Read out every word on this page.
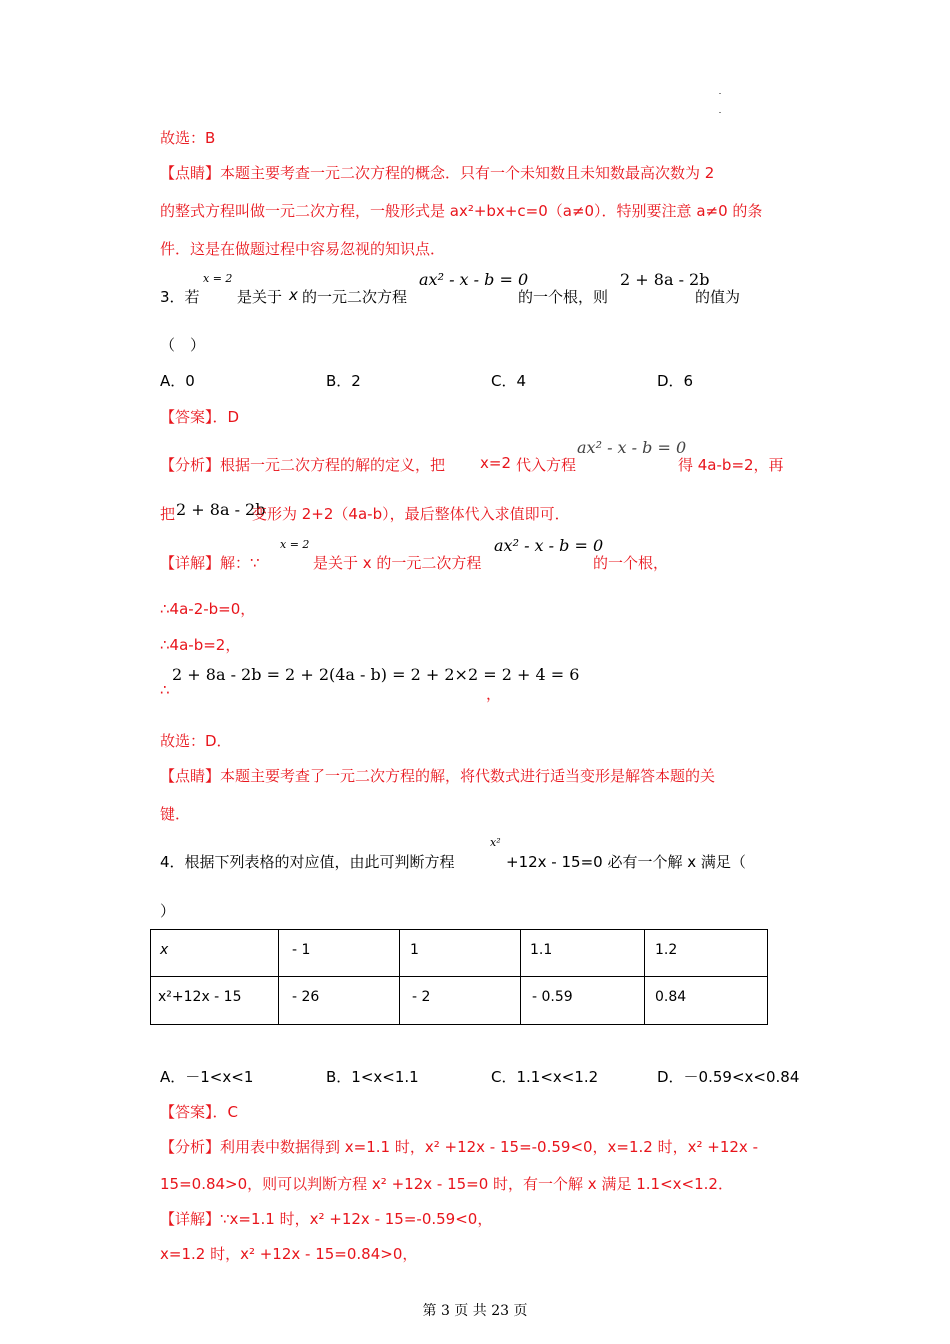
故选：B
【点睛】本题主要考查一元二次方程的概念．只有一个未知数且未知数最高次数为 2
的整式方程叫做一元二次方程，一般形式是 ax²+bx+c=0（a≠0）．特别要注意 a≠0 的条
件．这是在做题过程中容易忽视的知识点．
3．若
x = 2
是关于 x 的一元二次方程
ax² - x - b = 0
的一个根，则
2 + 8a - 2b
的值为
（　）
A．0	B．2	C．4	D．6
【答案】．D
【分析】根据一元二次方程的解的定义，把 x=2 代入方程
ax² - x - b = 0
得 4a-b=2，再
把 2 + 8a - 2b
变形为 2+2（4a-b），最后整体代入求值即可．
【详解】解：∵
x = 2
是关于 x 的一元二次方程
ax² - x - b = 0
的一个根，
∴4a-2-b=0，
∴4a-b=2，
2 + 8a - 2b = 2 + 2(4a - b) = 2 + 2×2 = 2 + 4 = 6
∴	，
故选：D．
【点睛】本题主要考查了一元二次方程的解，将代数式进行适当变形是解答本题的关
键．
4．根据下列表格的对应值，由此可判断方程
x²
+12x - 15=0 必有一个解 x 满足（
）
x	- 1	1	1.1	1.2
x²+12x - 15	- 26	- 2	- 0.59	0.84
A．－1<x<1	B．1<x<1.1	C．1.1<x<1.2	D．－0.59<x<0.84
【答案】．C
【分析】利用表中数据得到 x=1.1 时，x² +12x - 15=-0.59<0，x=1.2 时，x² +12x -
15=0.84>0，则可以判断方程 x² +12x - 15=0 时，有一个解 x 满足 1.1<x<1.2．
【详解】∵x=1.1 时，x² +12x - 15=-0.59<0，
x=1.2 时，x² +12x - 15=0.84>0，
第 3 页 共 23 页
